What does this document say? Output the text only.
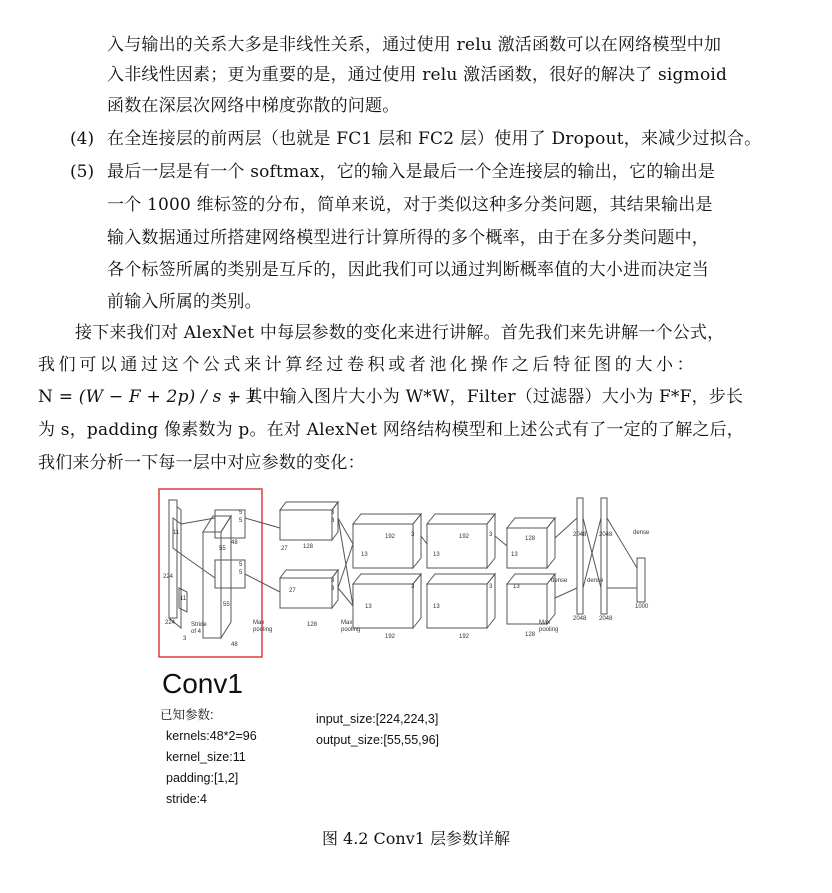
入与输出的关系大多是非线性关系，通过使用 relu 激活函数可以在网络模型中加
入非线性因素；更为重要的是，通过使用 relu 激活函数，很好的解决了 sigmoid
函数在深层次网络中梯度弥散的问题。
(4) 在全连接层的前两层（也就是 FC1 层和 FC2 层）使用了 Dropout，来减少过拟合。
(5) 最后一层是有一个 softmax，它的输入是最后一个全连接层的输出，它的输出是
一个 1000 维标签的分布，简单来说，对于类似这种多分类问题，其结果输出是
输入数据通过所搭建网络模型进行计算所得的多个概率，由于在多分类问题中，
各个标签所属的类别是互斥的，因此我们可以通过判断概率值的大小进而决定当
前输入所属的类别。
接下来我们对 AlexNet 中每层参数的变化来进行讲解。首先我们来先讲解一个公式，
我们可以通过这个公式来计算经过卷积或者池化操作之后特征图的大小：
N = (W − F + 2p) / s + 1
；其中输入图片大小为 W*W，Filter（过滤器）大小为 F*F，步长
为 s，padding 像素数为 p。在对 AlexNet 网络结构模型和上述公式有了一定的了解之后，
我们来分析一下每一层中对应参数的变化：
224
224
3
11
11
Stride
of 4
5
5
5
5
48
48
55
55
Max
pooling
3
3
3
3
27
27
128
128	Max
pooling
13
13
3
3
192
192
13
13
3
3
192
192
13
13
128
128
Max
pooling
dense	dense
dense
2048 2048
2048 2048
1000
Conv1
已知参数:
kernels:48*2=96
kernel_size:11
padding:[1,2]
stride:4
input_size:[224,224,3]
output_size:[55,55,96]
图 4.2 Conv1 层参数详解
